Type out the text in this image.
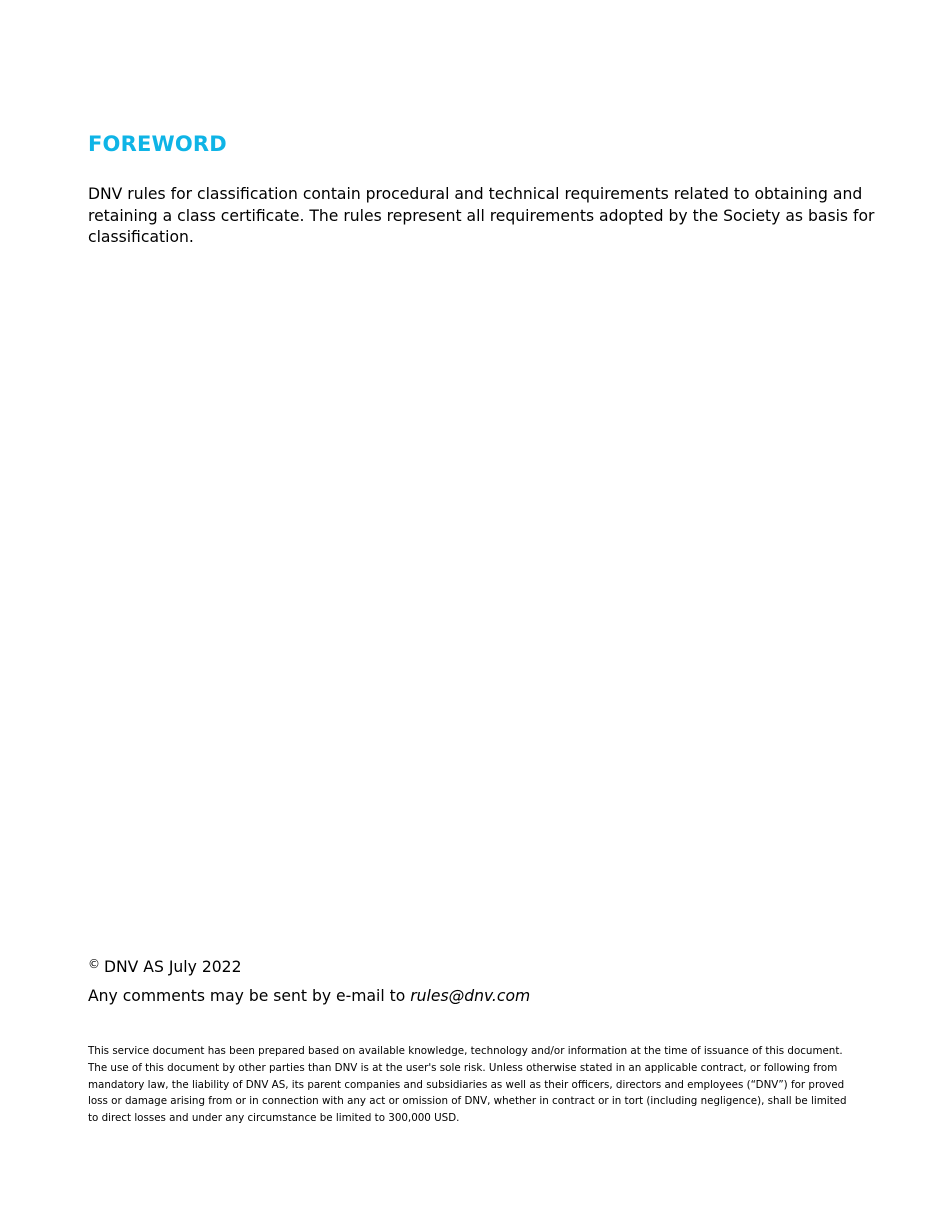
FOREWORD

DNV rules for classification contain procedural and technical requirements related to obtaining and retaining a class certificate. The rules represent all requirements adopted by the Society as basis for classification.

© DNV AS July 2022

Any comments may be sent by e-mail to rules@dnv.com

This service document has been prepared based on available knowledge, technology and/or information at the time of issuance of this document. The use of this document by other parties than DNV is at the user's sole risk. Unless otherwise stated in an applicable contract, or following from mandatory law, the liability of DNV AS, its parent companies and subsidiaries as well as their officers, directors and employees (“DNV”) for proved loss or damage arising from or in connection with any act or omission of DNV, whether in contract or in tort (including negligence), shall be limited to direct losses and under any circumstance be limited to 300,000 USD.
